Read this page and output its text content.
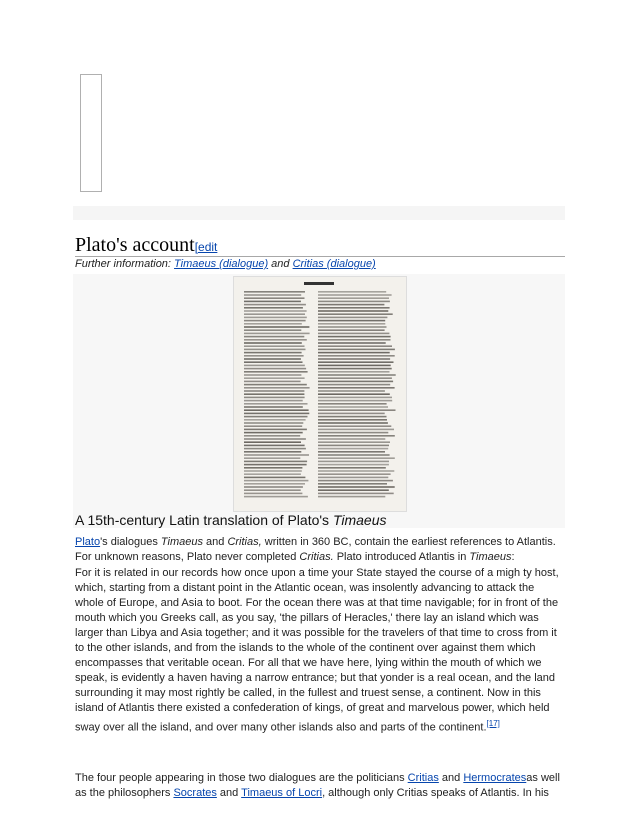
Plato's account[edit
Further information: Timaeus (dialogue) and Critias (dialogue)
A 15th-century Latin translation of Plato's Timaeus
Plato's dialogues Timaeus and Critias, written in 360 BC, contain the earliest references to Atlantis. For unknown reasons, Plato never completed Critias. Plato introduced Atlantis in Timaeus:
For it is related in our records how once upon a time your State stayed the course of a migh ty host, which, starting from a distant point in the Atlantic ocean, was insolently advancing to attack the whole of Europe, and Asia to boot. For the ocean there was at that time navigable; for in front of the mouth which you Greeks call, as you say, 'the pillars of Heracles,' there lay an island which was larger than Libya and Asia together; and it was possible for the travelers of that time to cross from it to the other islands, and from the islands to the whole of the continent over against them which encompasses that veritable ocean. For all that we have here, lying within the mouth of which we speak, is evidently a haven having a narrow entrance; but that yonder is a real ocean, and the land surrounding it may most rightly be called, in the fullest and truest sense, a continent. Now in this island of Atlantis there existed a confederation of kings, of great and marvelous power, which held sway over all the island, and over many other islands also and parts of the continent.[17]
The four people appearing in those two dialogues are the politicians Critias and Hermocratesas well as the philosophers Socrates and Timaeus of Locri, although only Critias speaks of Atlantis. In his
